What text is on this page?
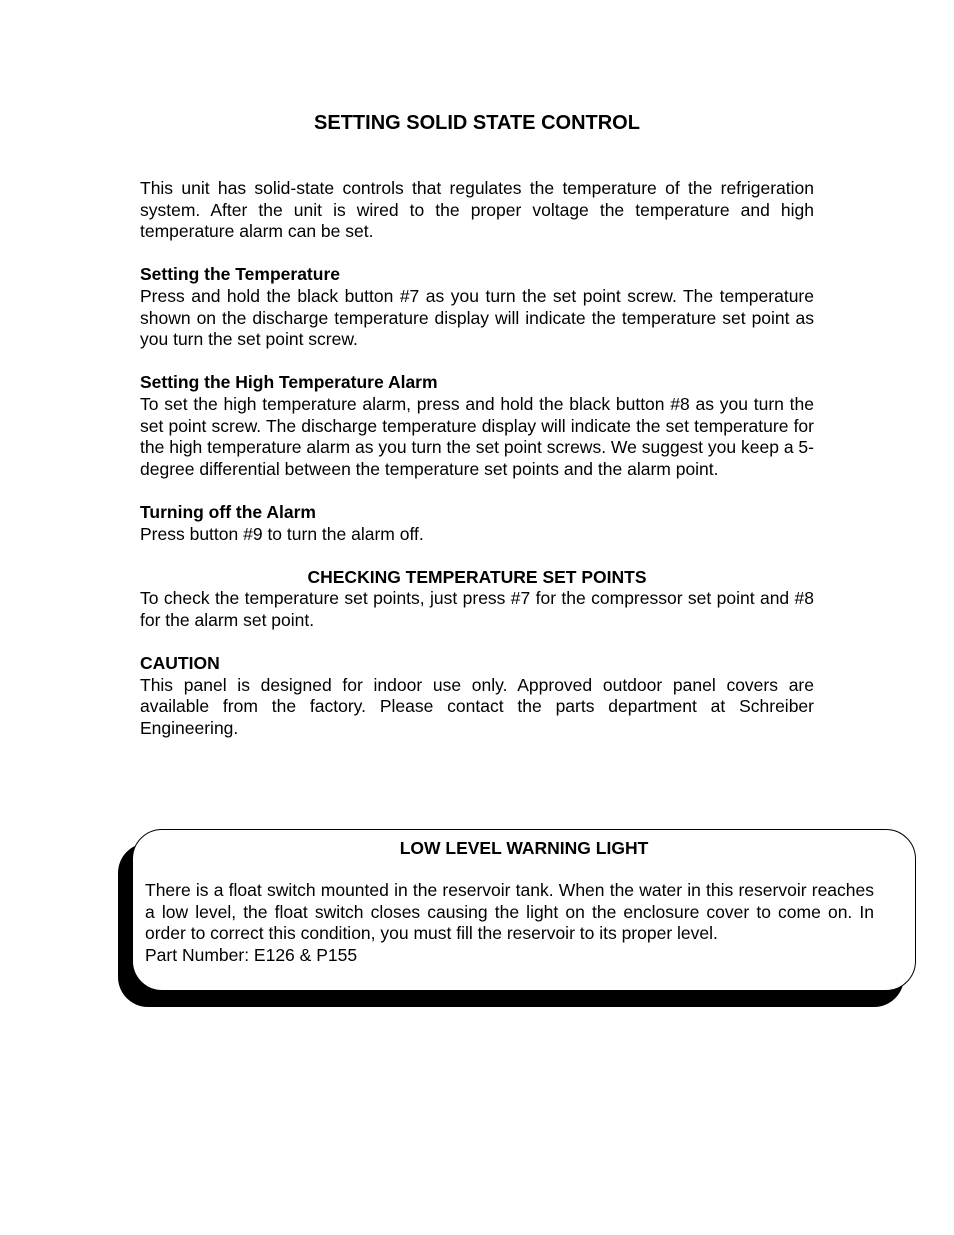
SETTING SOLID STATE CONTROL

This unit has solid-state controls that regulates the temperature of the refrigeration system. After the unit is wired to the proper voltage the temperature and high temperature alarm can be set.

Setting the Temperature

Press and hold the black button #7 as you turn the set point screw. The temperature shown on the discharge temperature display will indicate the temperature set point as you turn the set point screw.

Setting the High Temperature Alarm

To set the high temperature alarm, press and hold the black button #8 as you turn the set point screw. The discharge temperature display will indicate the set temperature for the high temperature alarm as you turn the set point screws. We suggest you keep a 5-degree differential between the temperature set points and the alarm point.

Turning off the Alarm

Press button #9 to turn the alarm off.

CHECKING TEMPERATURE SET POINTS

To check the temperature set points, just press #7 for the compressor set point and #8 for the alarm set point.

CAUTION

This panel is designed for indoor use only. Approved outdoor panel covers are available from the factory. Please contact the parts department at Schreiber Engineering.

LOW LEVEL WARNING LIGHT

There is a float switch mounted in the reservoir tank. When the water in this reservoir reaches a low level, the float switch closes causing the light on the enclosure cover to come on. In order to correct this condition, you must fill the reservoir to its proper level.

Part Number: E126 & P155
